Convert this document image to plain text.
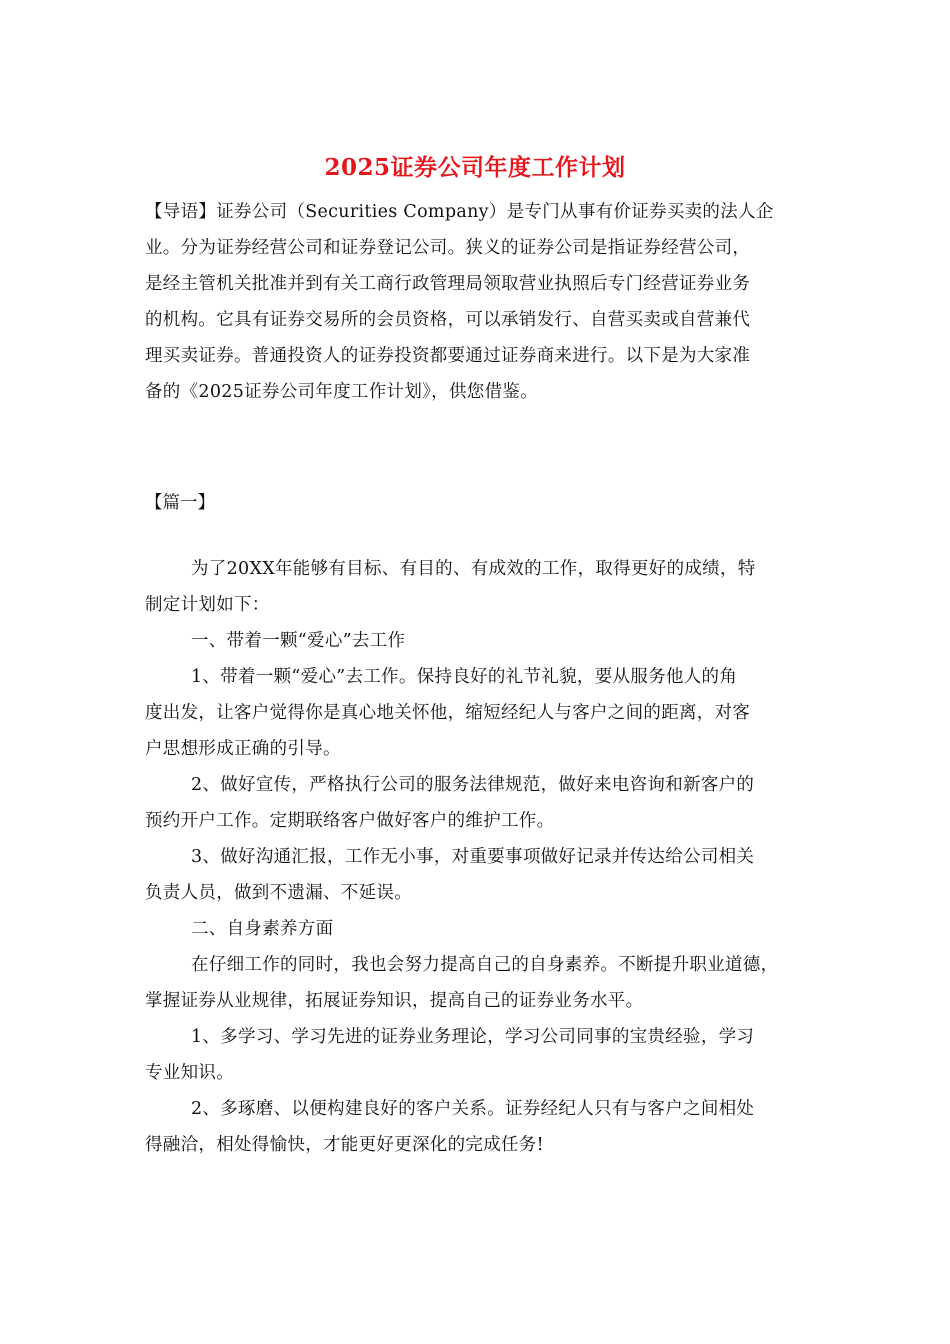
2025证券公司年度工作计划
【导语】证券公司（Securities Company）是专门从事有价证券买卖的法人企
业。分为证券经营公司和证券登记公司。狭义的证券公司是指证券经营公司，
是经主管机关批准并到有关工商行政管理局领取营业执照后专门经营证券业务
的机构。它具有证券交易所的会员资格，可以承销发行、自营买卖或自营兼代
理买卖证券。普通投资人的证券投资都要通过证券商来进行。以下是为大家准
备的《2025证券公司年度工作计划》，供您借鉴。
【篇一】
为了20XX年能够有目标、有目的、有成效的工作，取得更好的成绩，特
制定计划如下：
一、带着一颗“爱心”去工作
1、带着一颗“爱心”去工作。保持良好的礼节礼貌，要从服务他人的角
度出发，让客户觉得你是真心地关怀他，缩短经纪人与客户之间的距离，对客
户思想形成正确的引导。
2、做好宣传，严格执行公司的服务法律规范，做好来电咨询和新客户的
预约开户工作。定期联络客户做好客户的维护工作。
3、做好沟通汇报，工作无小事，对重要事项做好记录并传达给公司相关
负责人员，做到不遗漏、不延误。
二、自身素养方面
在仔细工作的同时，我也会努力提高自己的自身素养。不断提升职业道德，
掌握证券从业规律，拓展证券知识，提高自己的证券业务水平。
1、多学习、学习先进的证券业务理论，学习公司同事的宝贵经验，学习
专业知识。
2、多琢磨、以便构建良好的客户关系。证券经纪人只有与客户之间相处
得融洽，相处得愉快，才能更好更深化的完成任务!
